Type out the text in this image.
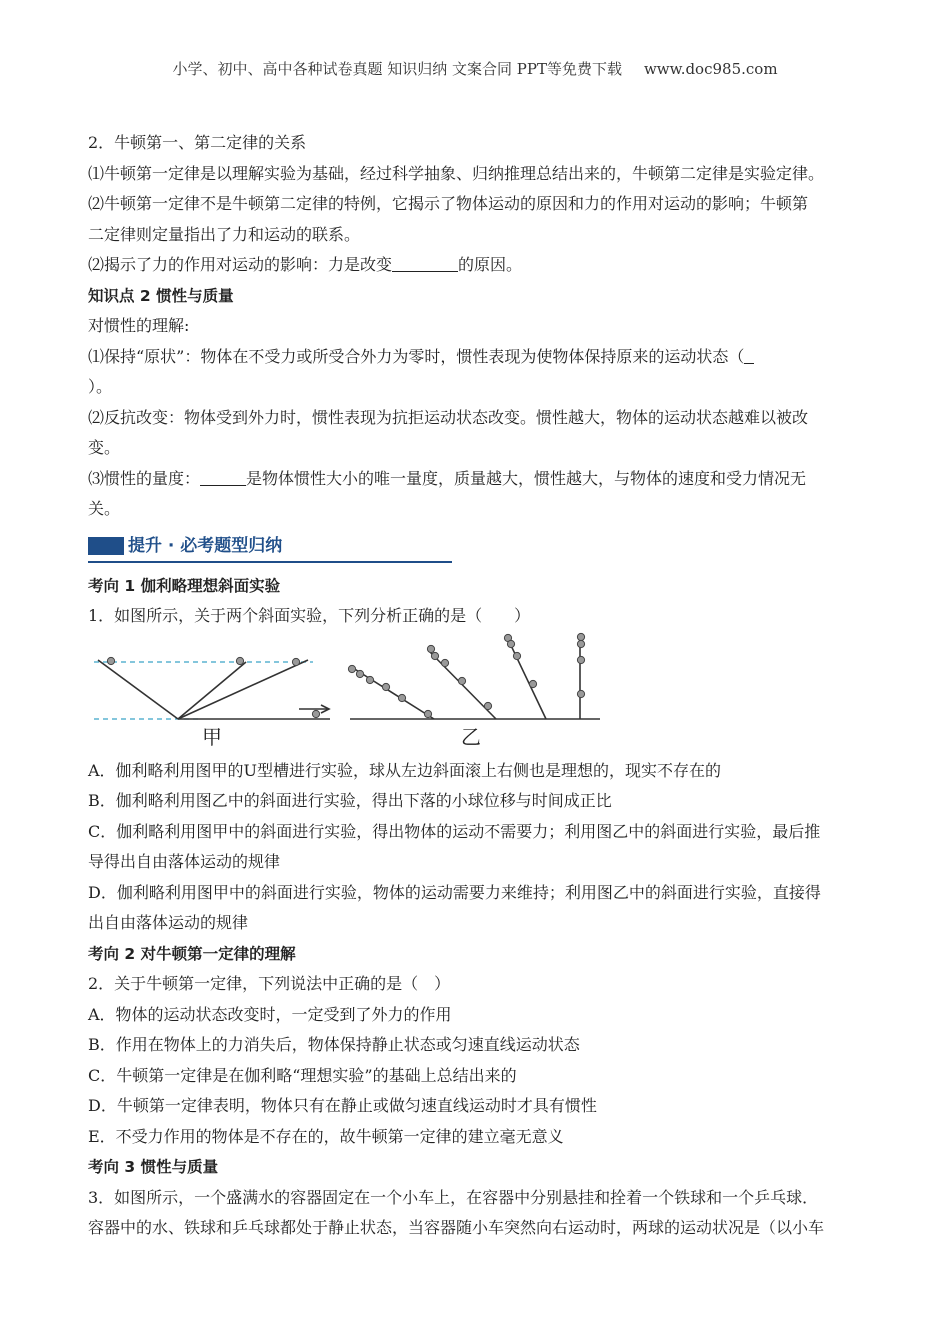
小学、初中、高中各种试卷真题 知识归纳 文案合同 PPT等免费下载 www.doc985.com

2．牛顿第一、第二定律的关系

⑴牛顿第一定律是以理解实验为基础，经过科学抽象、归纳推理总结出来的，牛顿第二定律是实验定律。

⑵牛顿第一定律不是牛顿第二定律的特例，它揭示了物体运动的原因和力的作用对运动的影响；牛顿第

二定律则定量指出了力和运动的联系。

⑵揭示了力的作用对运动的影响：力是改变	的原因。

知识点 2 惯性与质量

对惯性的理解:

⑴保持“原状”：物体在不受力或所受合外力为零时，惯性表现为使物体保持原来的运动状态（

）。

⑵反抗改变：物体受到外力时，惯性表现为抗拒运动状态改变。惯性越大，物体的运动状态越难以被改

变。

⑶惯性的量度：	是物体惯性大小的唯一量度，质量越大，惯性越大，与物体的速度和受力情况无

关。

提升 · 必考题型归纳

考向 1 伽利略理想斜面实验

1．如图所示，关于两个斜面实验，下列分析正确的是（　　）

甲	乙

A．伽利略利用图甲的U型槽进行实验，球从左边斜面滚上右侧也是理想的，现实不存在的

B．伽利略利用图乙中的斜面进行实验，得出下落的小球位移与时间成正比

C．伽利略利用图甲中的斜面进行实验，得出物体的运动不需要力；利用图乙中的斜面进行实验，最后推

导得出自由落体运动的规律

D．伽利略利用图甲中的斜面进行实验，物体的运动需要力来维持；利用图乙中的斜面进行实验，直接得

出自由落体运动的规律

考向 2 对牛顿第一定律的理解

2．关于牛顿第一定律，下列说法中正确的是（　）

A．物体的运动状态改变时，一定受到了外力的作用

B．作用在物体上的力消失后，物体保持静止状态或匀速直线运动状态

C．牛顿第一定律是在伽利略“理想实验”的基础上总结出来的

D．牛顿第一定律表明，物体只有在静止或做匀速直线运动时才具有惯性

E．不受力作用的物体是不存在的，故牛顿第一定律的建立毫无意义

考向 3 惯性与质量

3．如图所示，一个盛满水的容器固定在一个小车上，在容器中分别悬挂和拴着一个铁球和一个乒乓球．

容器中的水、铁球和乒乓球都处于静止状态，当容器随小车突然向右运动时，两球的运动状况是（以小车
